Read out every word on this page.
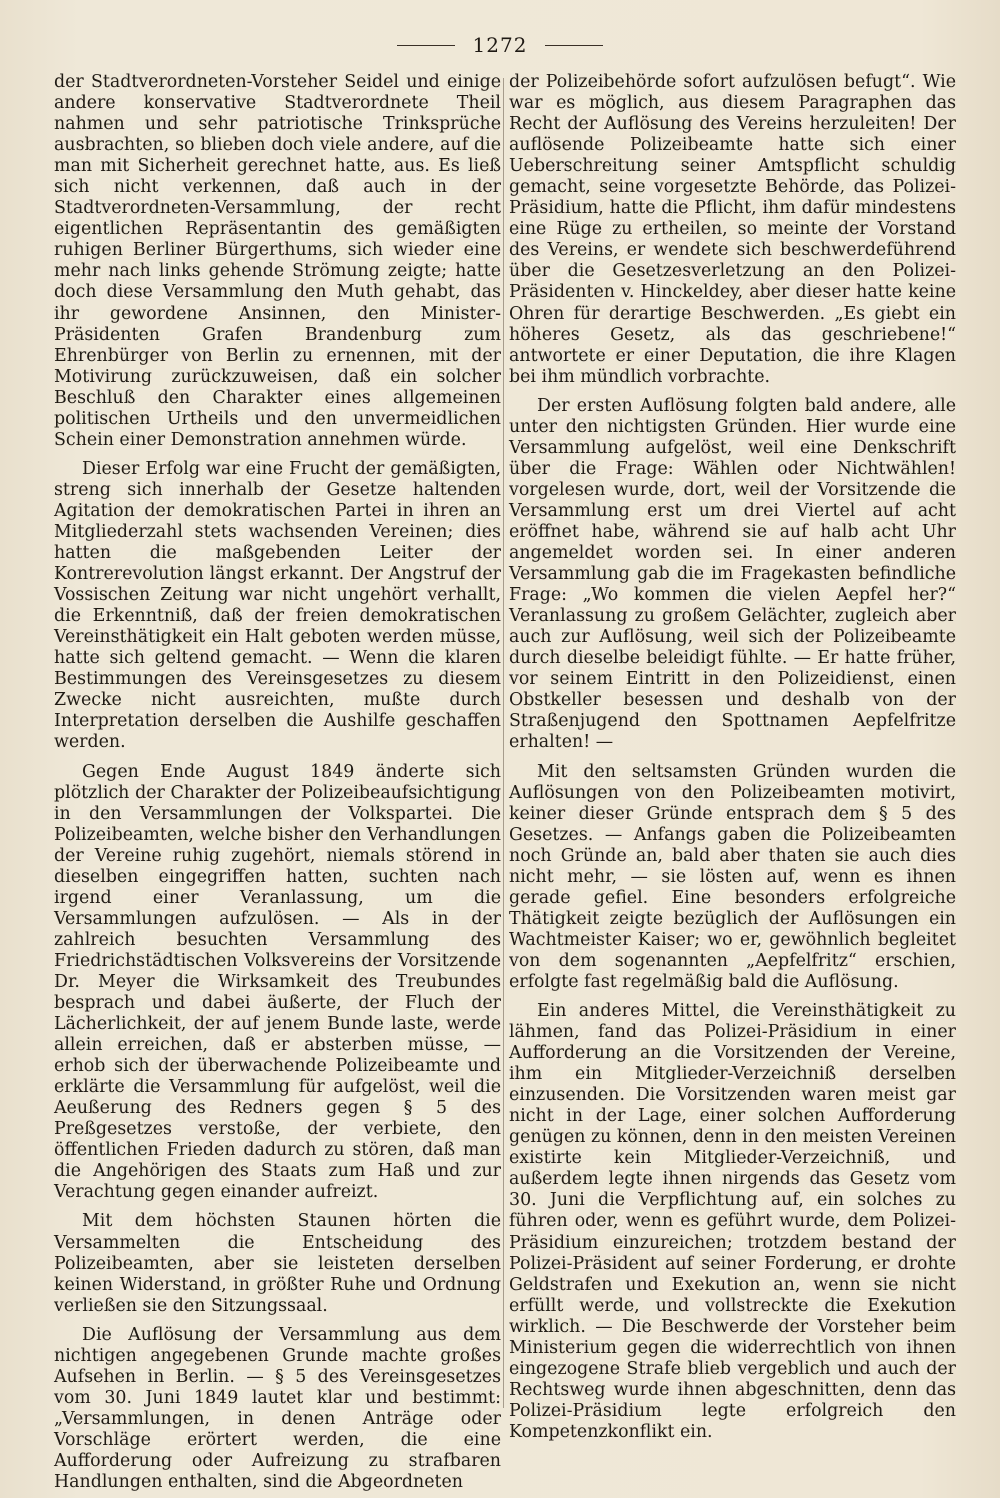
1272

der Stadtverordneten-Vorsteher Seidel und einige andere konservative Stadtverordnete Theil nahmen und sehr patriotische Trinksprüche ausbrachten, so blieben doch viele andere, auf die man mit Sicherheit gerechnet hatte, aus. Es ließ sich nicht verkennen, daß auch in der Stadtverordneten-Versammlung, der recht eigentlichen Repräsentantin des gemäßigten ruhigen Berliner Bürgerthums, sich wieder eine mehr nach links gehende Strömung zeigte; hatte doch diese Versammlung den Muth gehabt, das ihr gewordene Ansinnen, den Minister-Präsidenten Grafen Brandenburg zum Ehrenbürger von Berlin zu ernennen, mit der Motivirung zurückzuweisen, daß ein solcher Beschluß den Charakter eines allgemeinen politischen Urtheils und den unvermeidlichen Schein einer Demonstration annehmen würde.

Dieser Erfolg war eine Frucht der gemäßigten, streng sich innerhalb der Gesetze haltenden Agitation der demokratischen Partei in ihren an Mitgliederzahl stets wachsenden Vereinen; dies hatten die maßgebenden Leiter der Kontrerevolution längst erkannt. Der Angstruf der Vossischen Zeitung war nicht ungehört verhallt, die Erkenntniß, daß der freien demokratischen Vereinsthätigkeit ein Halt geboten werden müsse, hatte sich geltend gemacht. — Wenn die klaren Bestimmungen des Vereinsgesetzes zu diesem Zwecke nicht ausreichten, mußte durch Interpretation derselben die Aushilfe geschaffen werden.

Gegen Ende August 1849 änderte sich plötzlich der Charakter der Polizeibeaufsichtigung in den Versammlungen der Volkspartei. Die Polizeibeamten, welche bisher den Verhandlungen der Vereine ruhig zugehört, niemals störend in dieselben eingegriffen hatten, suchten nach irgend einer Veranlassung, um die Versammlungen aufzulösen. — Als in der zahlreich besuchten Versammlung des Friedrichstädtischen Volksvereins der Vorsitzende Dr. Meyer die Wirksamkeit des Treubundes besprach und dabei äußerte, der Fluch der Lächerlichkeit, der auf jenem Bunde laste, werde allein erreichen, daß er absterben müsse, — erhob sich der überwachende Polizeibeamte und erklärte die Versammlung für aufgelöst, weil die Aeußerung des Redners gegen § 5 des Preßgesetzes verstoße, der verbiete, den öffentlichen Frieden dadurch zu stören, daß man die Angehörigen des Staats zum Haß und zur Verachtung gegen einander aufreizt.

Mit dem höchsten Staunen hörten die Versammelten die Entscheidung des Polizeibeamten, aber sie leisteten derselben keinen Widerstand, in größter Ruhe und Ordnung verließen sie den Sitzungssaal.

Die Auflösung der Versammlung aus dem nichtigen angegebenen Grunde machte großes Aufsehen in Berlin. — § 5 des Vereinsgesetzes vom 30. Juni 1849 lautet klar und bestimmt: „Versammlungen, in denen Anträge oder Vorschläge erörtert werden, die eine Aufforderung oder Aufreizung zu strafbaren Handlungen enthalten, sind die Abgeordneten

der Polizeibehörde sofort aufzulösen befugt“. Wie war es möglich, aus diesem Paragraphen das Recht der Auflösung des Vereins herzuleiten! Der auflösende Polizeibeamte hatte sich einer Ueberschreitung seiner Amtspflicht schuldig gemacht, seine vorgesetzte Behörde, das Polizei-Präsidium, hatte die Pflicht, ihm dafür mindestens eine Rüge zu ertheilen, so meinte der Vorstand des Vereins, er wendete sich beschwerdeführend über die Gesetzesverletzung an den Polizei-Präsidenten v. Hinckeldey, aber dieser hatte keine Ohren für derartige Beschwerden. „Es giebt ein höheres Gesetz, als das geschriebene!“ antwortete er einer Deputation, die ihre Klagen bei ihm mündlich vorbrachte.

Der ersten Auflösung folgten bald andere, alle unter den nichtigsten Gründen. Hier wurde eine Versammlung aufgelöst, weil eine Denkschrift über die Frage: Wählen oder Nichtwählen! vorgelesen wurde, dort, weil der Vorsitzende die Versammlung erst um drei Viertel auf acht eröffnet habe, während sie auf halb acht Uhr angemeldet worden sei. In einer anderen Versammlung gab die im Fragekasten befindliche Frage: „Wo kommen die vielen Aepfel her?“ Veranlassung zu großem Gelächter, zugleich aber auch zur Auflösung, weil sich der Polizeibeamte durch dieselbe beleidigt fühlte. — Er hatte früher, vor seinem Eintritt in den Polizeidienst, einen Obstkeller besessen und deshalb von der Straßenjugend den Spottnamen Aepfelfritze erhalten! —

Mit den seltsamsten Gründen wurden die Auflösungen von den Polizeibeamten motivirt, keiner dieser Gründe entsprach dem § 5 des Gesetzes. — Anfangs gaben die Polizeibeamten noch Gründe an, bald aber thaten sie auch dies nicht mehr, — sie lösten auf, wenn es ihnen gerade gefiel. Eine besonders erfolgreiche Thätigkeit zeigte bezüglich der Auflösungen ein Wachtmeister Kaiser; wo er, gewöhnlich begleitet von dem sogenannten „Aepfelfritz“ erschien, erfolgte fast regelmäßig bald die Auflösung.

Ein anderes Mittel, die Vereinsthätigkeit zu lähmen, fand das Polizei-Präsidium in einer Aufforderung an die Vorsitzenden der Vereine, ihm ein Mitglieder-Verzeichniß derselben einzusenden. Die Vorsitzenden waren meist gar nicht in der Lage, einer solchen Aufforderung genügen zu können, denn in den meisten Vereinen existirte kein Mitglieder-Verzeichniß, und außerdem legte ihnen nirgends das Gesetz vom 30. Juni die Verpflichtung auf, ein solches zu führen oder, wenn es geführt wurde, dem Polizei-Präsidium einzureichen; trotzdem bestand der Polizei-Präsident auf seiner Forderung, er drohte Geldstrafen und Exekution an, wenn sie nicht erfüllt werde, und vollstreckte die Exekution wirklich. — Die Beschwerde der Vorsteher beim Ministerium gegen die widerrechtlich von ihnen eingezogene Strafe blieb vergeblich und auch der Rechtsweg wurde ihnen abgeschnitten, denn das Polizei-Präsidium legte erfolgreich den Kompetenzkonflikt ein.
